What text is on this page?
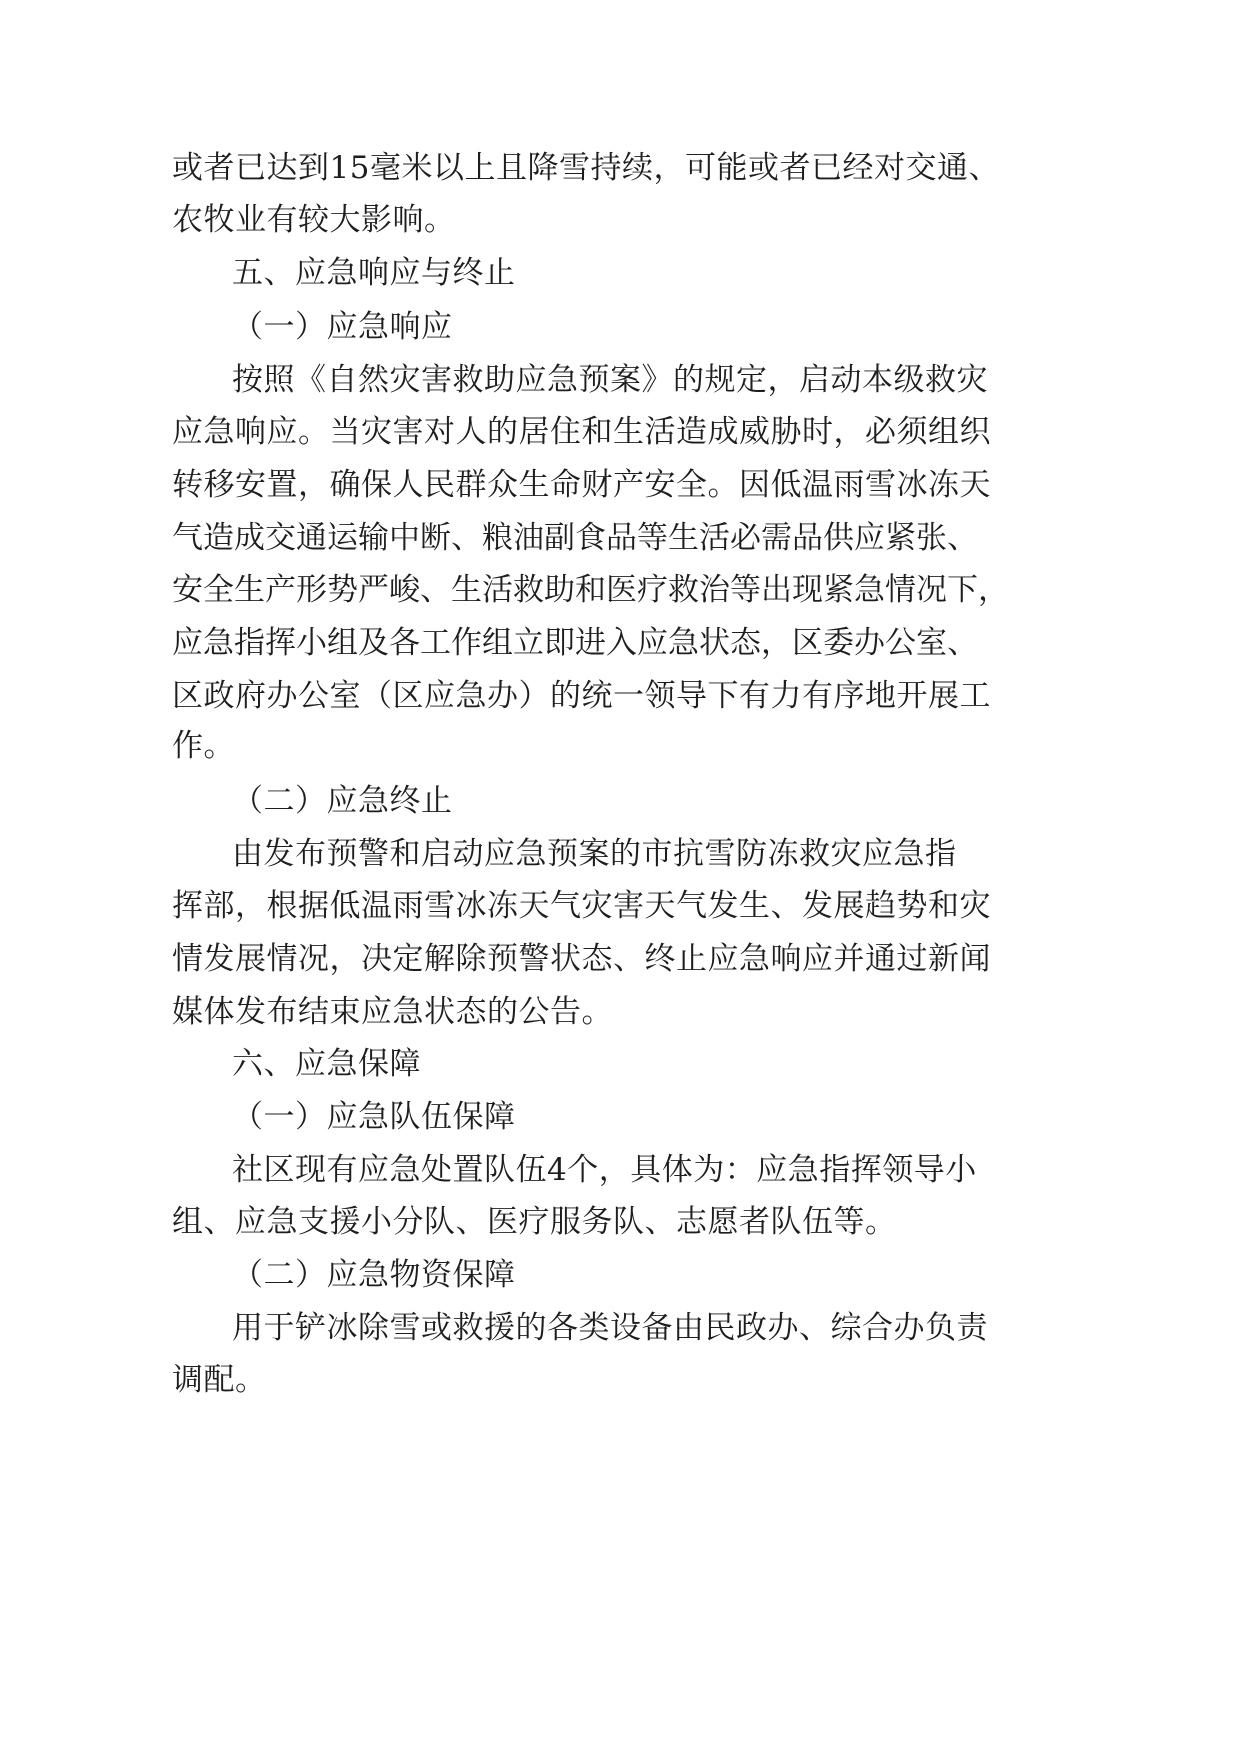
或者已达到15毫米以上且降雪持续，可能或者已经对交通、
农牧业有较大影响。
五、应急响应与终止
（一）应急响应
按照《自然灾害救助应急预案》的规定，启动本级救灾
应急响应。当灾害对人的居住和生活造成威胁时，必须组织
转移安置，确保人民群众生命财产安全。因低温雨雪冰冻天
气造成交通运输中断、粮油副食品等生活必需品供应紧张、
安全生产形势严峻、生活救助和医疗救治等出现紧急情况下，
应急指挥小组及各工作组立即进入应急状态，区委办公室、
区政府办公室（区应急办）的统一领导下有力有序地开展工
作。
（二）应急终止
由发布预警和启动应急预案的市抗雪防冻救灾应急指
挥部，根据低温雨雪冰冻天气灾害天气发生、发展趋势和灾
情发展情况，决定解除预警状态、终止应急响应并通过新闻
媒体发布结束应急状态的公告。
六、应急保障
（一）应急队伍保障
社区现有应急处置队伍4个，具体为：应急指挥领导小
组、应急支援小分队、医疗服务队、志愿者队伍等。
（二）应急物资保障
用于铲冰除雪或救援的各类设备由民政办、综合办负责
调配。
